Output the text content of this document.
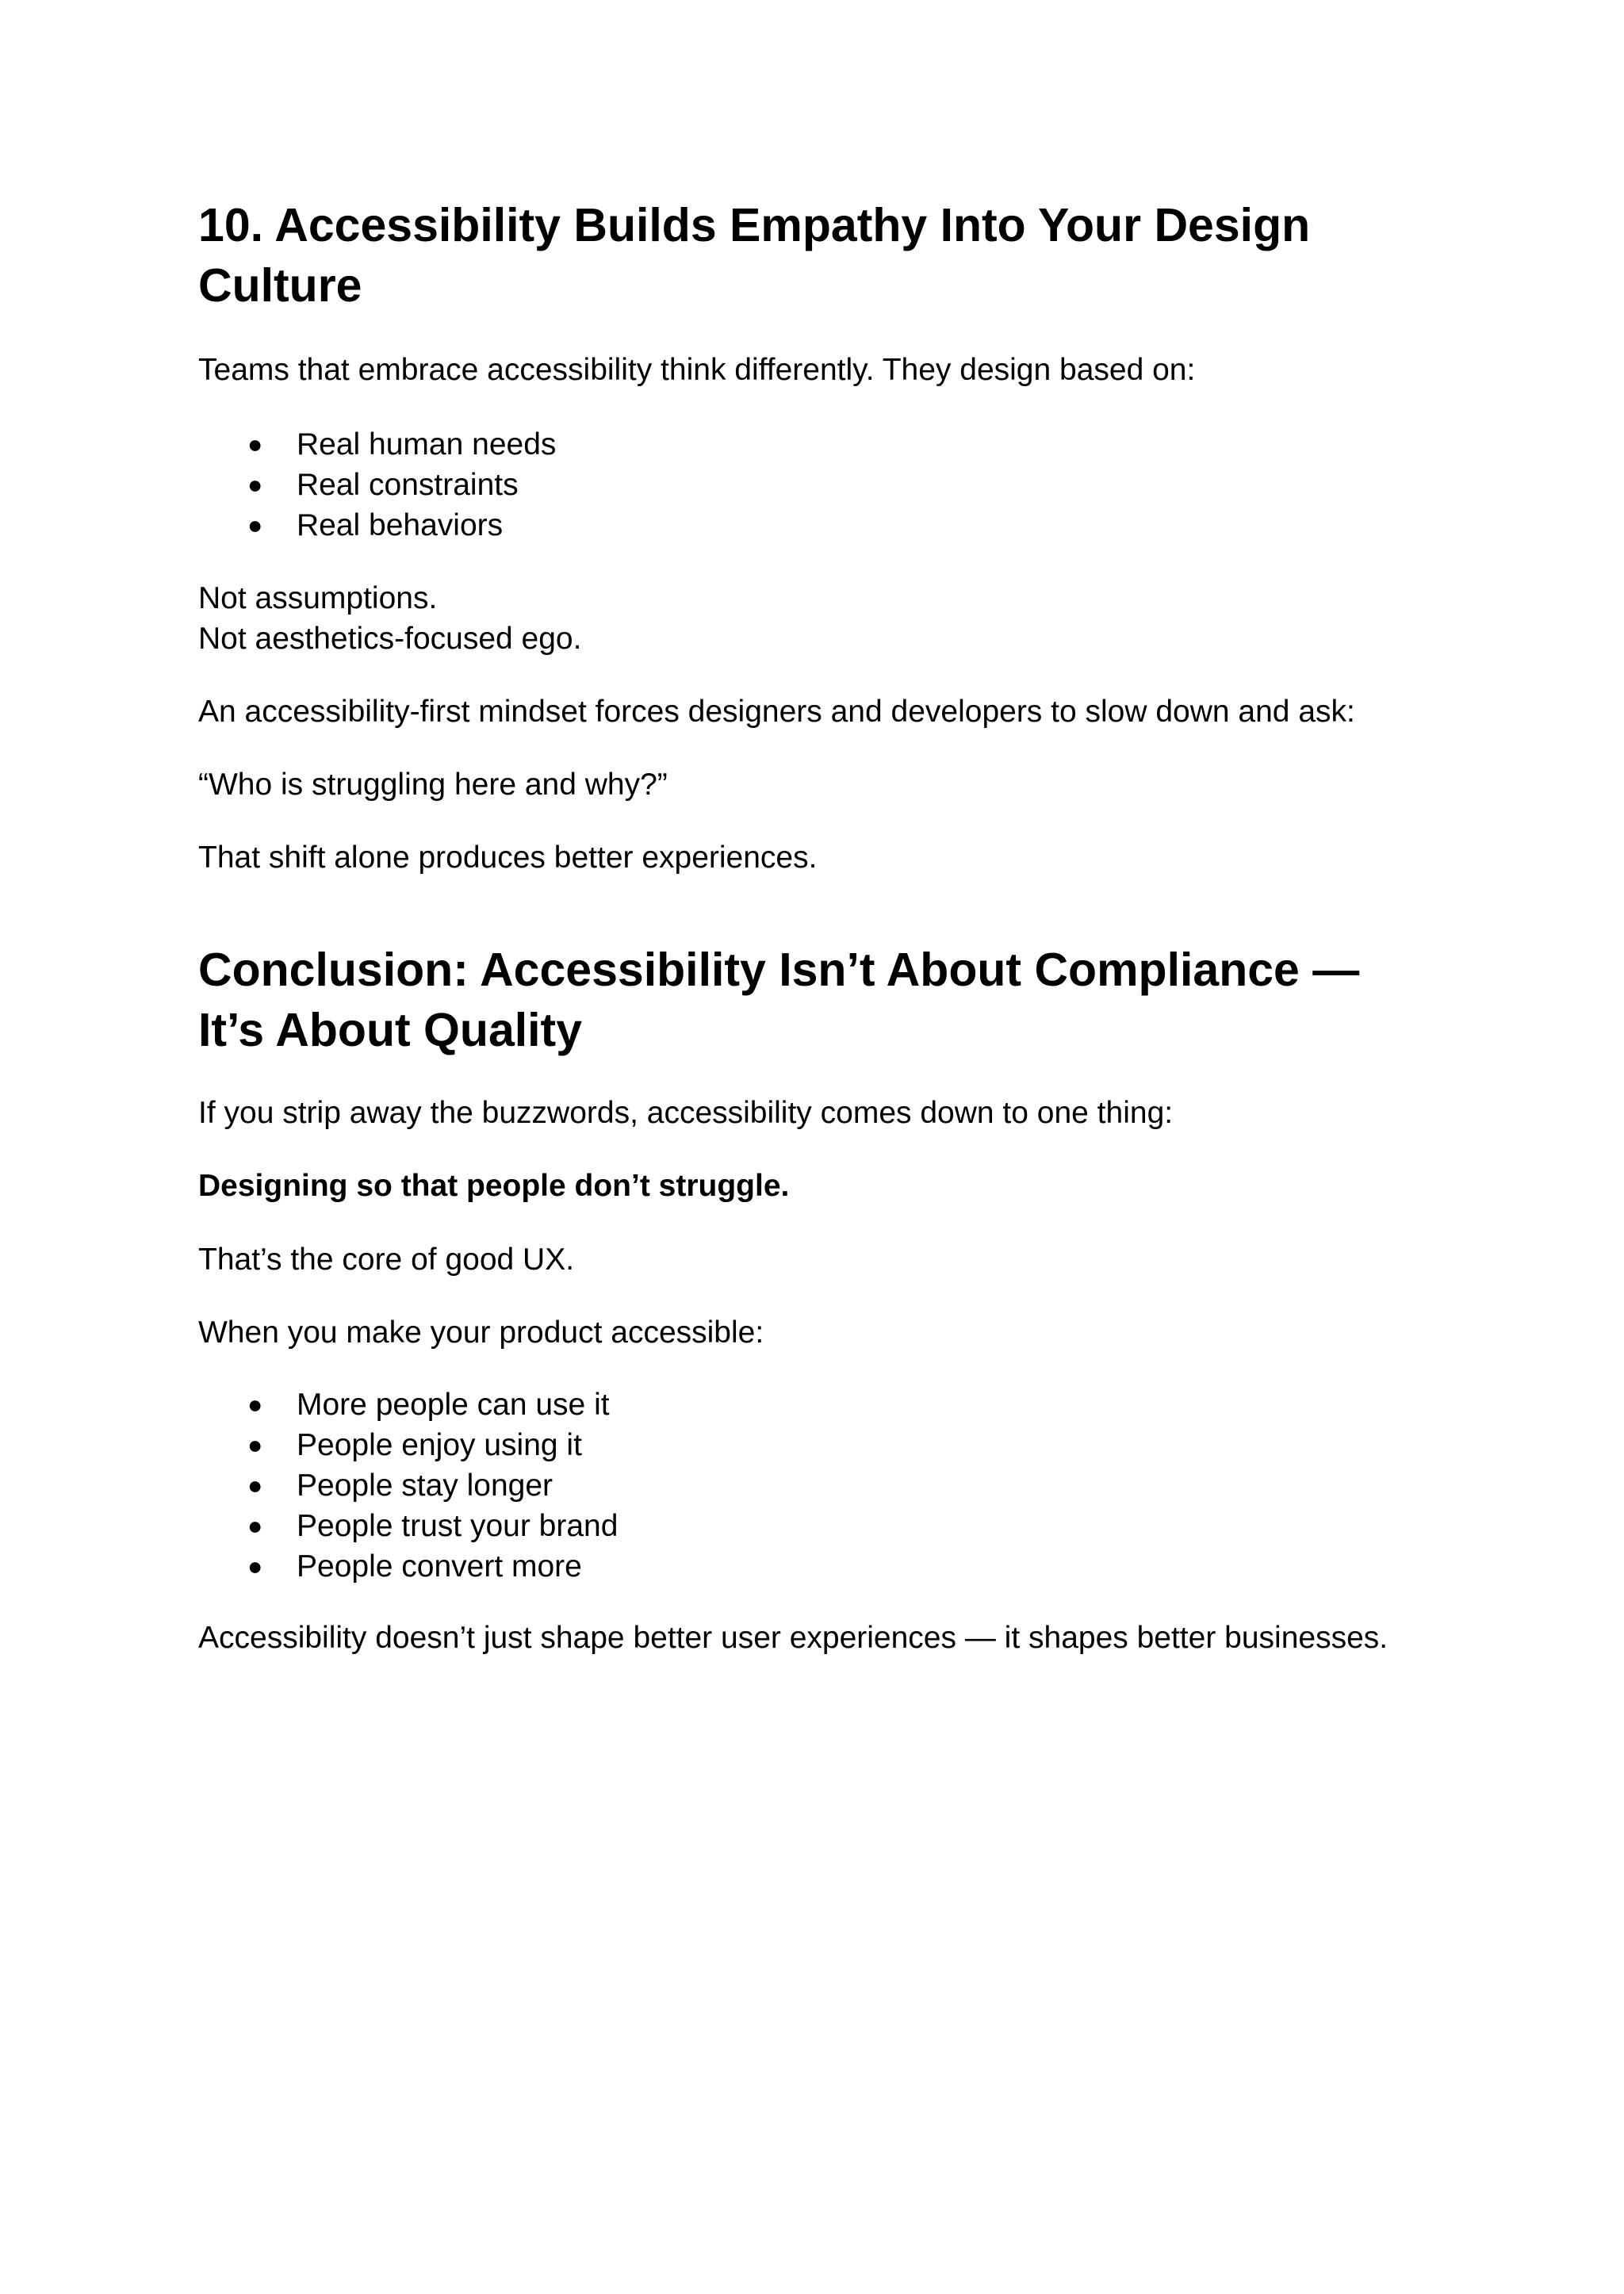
10. Accessibility Builds Empathy Into Your Design Culture

Teams that embrace accessibility think differently. They design based on:

● Real human needs
● Real constraints
● Real behaviors

Not assumptions.

Not aesthetics-focused ego.

An accessibility-first mindset forces designers and developers to slow down and ask:

“Who is struggling here and why?”

That shift alone produces better experiences.

Conclusion: Accessibility Isn’t About Compliance — It’s About Quality

If you strip away the buzzwords, accessibility comes down to one thing:

Designing so that people don’t struggle.

That’s the core of good UX.

When you make your product accessible:

● More people can use it
● People enjoy using it
● People stay longer
● People trust your brand
● People convert more

Accessibility doesn’t just shape better user experiences — it shapes better businesses.
